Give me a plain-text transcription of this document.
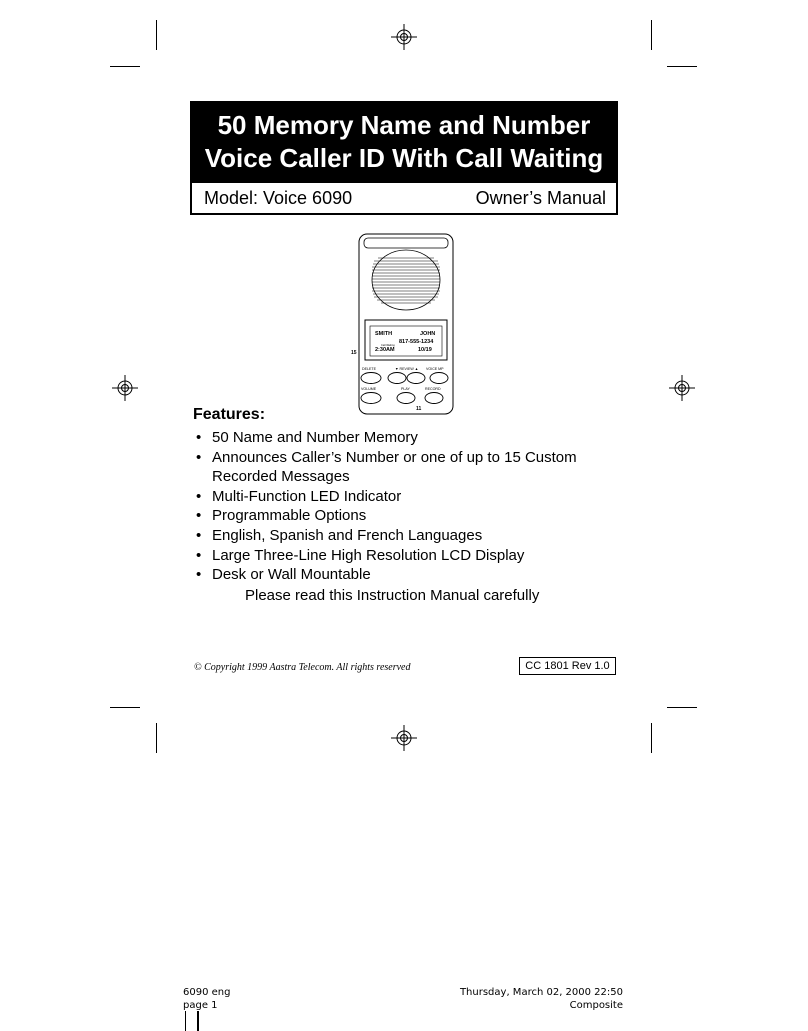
50 Memory Name and Number
Voice Caller ID With Call Waiting
Model: Voice 6090	Owner’s Manual
SMITH	JOHN
817-555-1234
2:30AM	10/19
Call Waiting
15
DELETE	▼ REVIEW ▲ VOICE MP
VOLUME	PLAY	RECORD
11
Features:
• 50 Name and Number Memory
• Announces Caller’s Number or one of up to 15 Custom Recorded Messages
• Multi-Function LED Indicator
• Programmable Options
• English, Spanish and French Languages
• Large Three-Line High Resolution LCD Display
• Desk or Wall Mountable
Please read this Instruction Manual carefully
© Copyright 1999 Aastra Telecom. All rights reserved	CC 1801 Rev 1.0
6090 eng
page 1
Thursday, March 02, 2000 22:50
Composite
